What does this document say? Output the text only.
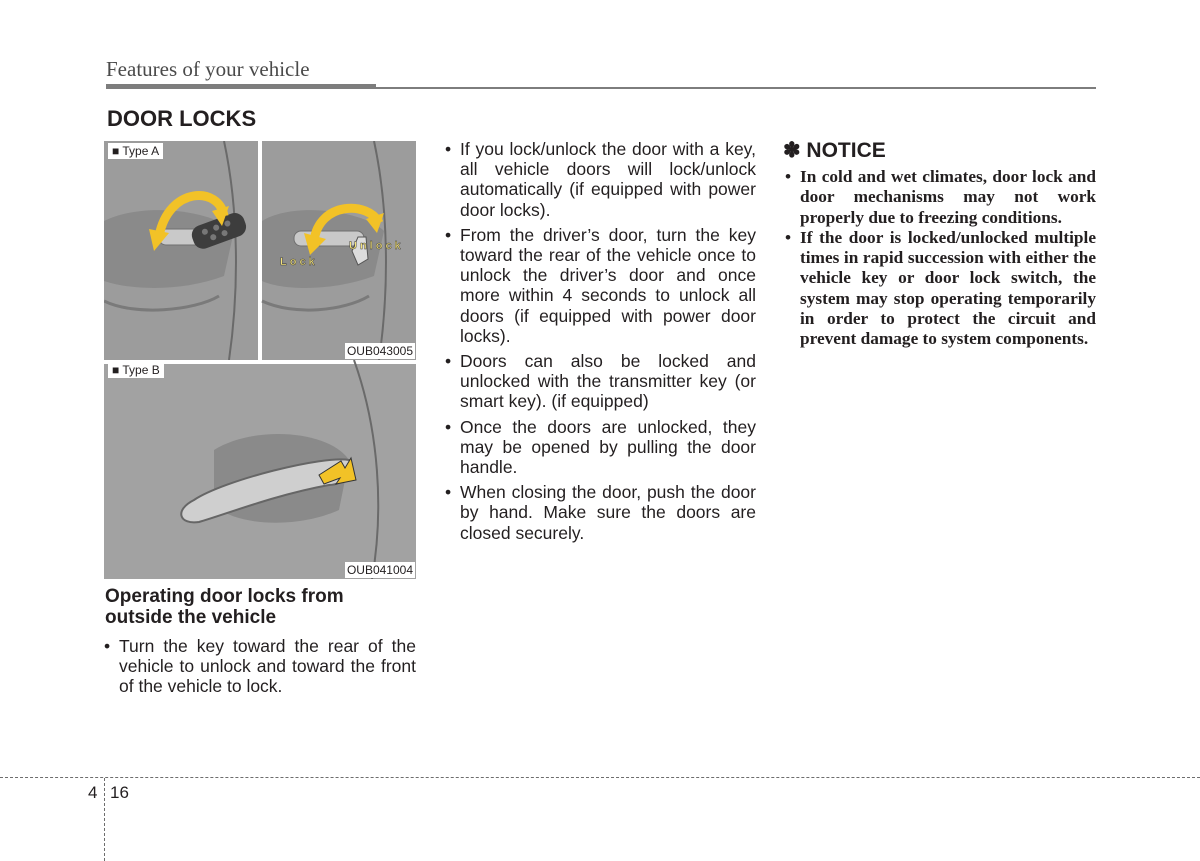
Features of your vehicle
DOOR LOCKS
Lock
Unlock
■ Type A
OUB043005
■ Type B
OUB041004
Operating door locks from outside the vehicle
• Turn the key toward the rear of the vehicle to unlock and toward the front of the vehicle to lock.
• If you lock/unlock the door with a key, all vehicle doors will lock/unlock automatically (if equipped with power door locks).
• From the driver’s door, turn the key toward the rear of the vehicle once to unlock the driver’s door and once more within 4 seconds to unlock all doors (if equipped with power door locks).
• Doors can also be locked and unlocked with the transmitter key (or smart key). (if equipped)
• Once the doors are unlocked, they may be opened by pulling the door handle.
• When closing the door, push the door by hand. Make sure the doors are closed securely.
✽ NOTICE
• In cold and wet climates, door lock and door mechanisms may not work properly due to freezing conditions.
• If the door is locked/unlocked multiple times in rapid succession with either the vehicle key or door lock switch, the system may stop operating temporarily in order to protect the circuit and prevent damage to system components.
4 16
